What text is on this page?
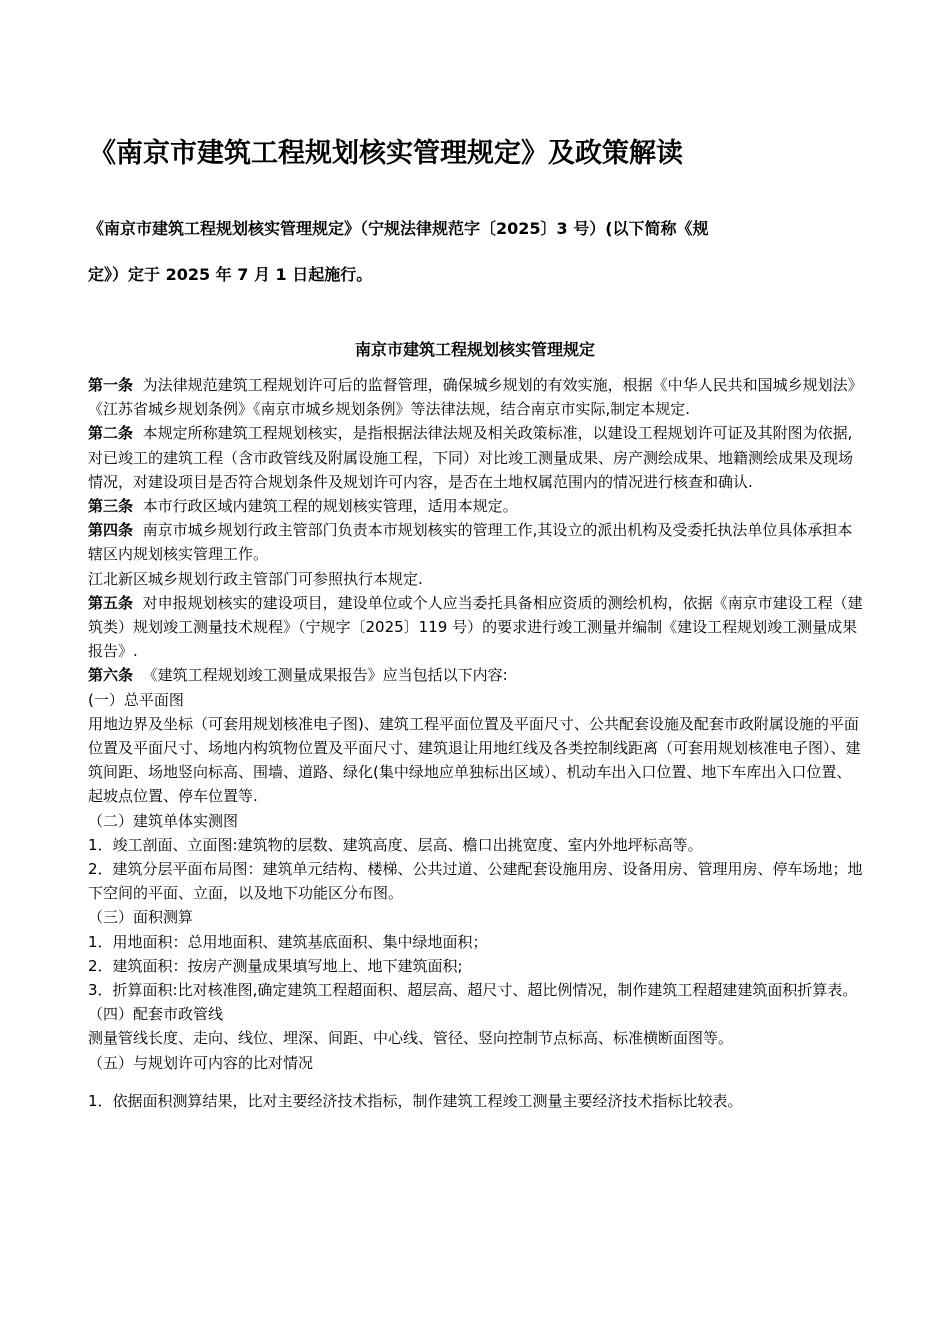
《南京市建筑工程规划核实管理规定》及政策解读

《南京市建筑工程规划核实管理规定》（宁规法律规范字〔2025〕3 号）(以下简称《规

定》）定于 2025 年 7 月 1 日起施行。

南京市建筑工程规划核实管理规定

第一条 为法律规范建筑工程规划许可后的监督管理，确保城乡规划的有效实施，根据《中华人民共和国城乡规划法》《江苏省城乡规划条例》《南京市城乡规划条例》等法律法规，结合南京市实际,制定本规定.

第二条 本规定所称建筑工程规划核实，是指根据法律法规及相关政策标准，以建设工程规划许可证及其附图为依据,对已竣工的建筑工程（含市政管线及附属设施工程，下同）对比竣工测量成果、房产测绘成果、地籍测绘成果及现场情况，对建设项目是否符合规划条件及规划许可内容，是否在土地权属范围内的情况进行核查和确认.

第三条 本市行政区域内建筑工程的规划核实管理，适用本规定。

第四条 南京市城乡规划行政主管部门负责本市规划核实的管理工作,其设立的派出机构及受委托执法单位具体承担本辖区内规划核实管理工作。

江北新区城乡规划行政主管部门可参照执行本规定.

第五条 对申报规划核实的建设项目，建设单位或个人应当委托具备相应资质的测绘机构，依据《南京市建设工程（建筑类）规划竣工测量技术规程》（宁规字〔2025〕119 号）的要求进行竣工测量并编制《建设工程规划竣工测量成果报告》.

第六条 《建筑工程规划竣工测量成果报告》应当包括以下内容:

(一）总平面图

用地边界及坐标（可套用规划核准电子图)、建筑工程平面位置及平面尺寸、公共配套设施及配套市政附属设施的平面位置及平面尺寸、场地内构筑物位置及平面尺寸、建筑退让用地红线及各类控制线距离（可套用规划核准电子图）、建筑间距、场地竖向标高、围墙、道路、绿化(集中绿地应单独标出区域）、机动车出入口位置、地下车库出入口位置、起坡点位置、停车位置等.

（二）建筑单体实测图

1．竣工剖面、立面图:建筑物的层数、建筑高度、层高、檐口出挑宽度、室内外地坪标高等。

2．建筑分层平面布局图：建筑单元结构、楼梯、公共过道、公建配套设施用房、设备用房、管理用房、停车场地；地下空间的平面、立面，以及地下功能区分布图。

（三）面积测算

1．用地面积：总用地面积、建筑基底面积、集中绿地面积；

2．建筑面积：按房产测量成果填写地上、地下建筑面积;

3．折算面积:比对核准图,确定建筑工程超面积、超层高、超尺寸、超比例情况，制作建筑工程超建建筑面积折算表。

（四）配套市政管线

测量管线长度、走向、线位、埋深、间距、中心线、管径、竖向控制节点标高、标准横断面图等。

（五）与规划许可内容的比对情况

1．依据面积测算结果，比对主要经济技术指标，制作建筑工程竣工测量主要经济技术指标比较表。
